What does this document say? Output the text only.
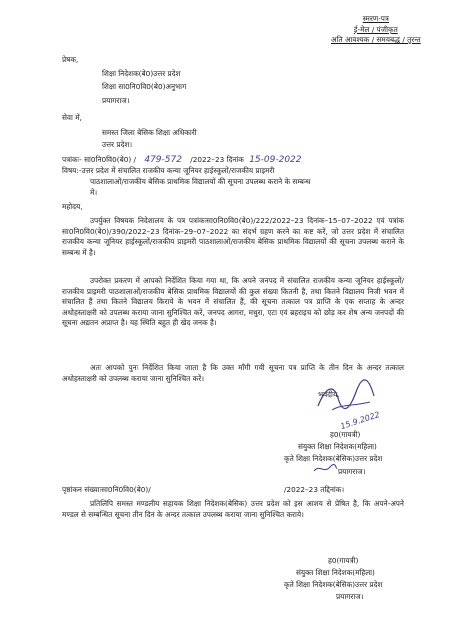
स्मरण-पत्र
ई-मेल / पंजीकृत
अति आवश्यक / समयबद्ध / तुरन्त
प्रेषक,
शिक्षा निदेशक(बे0)उत्तर प्रदेश
शिक्षा सा0नि0वि0(बे0)अनुभाग
प्रयागराज।
सेवा में,
समस्त जिला बेसिक शिक्षा अधिकारी
उत्तर प्रदेश।
पत्रांकः- सा0नि0वि0(बे0) / 479-572 /2022–23 दिनांक 15-09-2022
विषय:-उत्तर प्रदेश में संचालित राजकीय कन्या जूनियर हाईस्कूलों/राजकीय प्राइमरी
पाठशालाओं/राजकीय बेसिक प्राथमिक विद्यालयों की सूचना उपलब्ध कराने के सम्बन्ध
में।
महोदय,
उपर्युक्त विषयक निदेशालय के पत्र पत्रांकःसा0नि0वि0(बे0)/222/2022–23 दिनांक–15–07–2022 एवं पत्रांक सा0नि0वि0(बे0)/390/2022–23 दिनांक–29–07–2022 का संदर्भ ग्रहण करने का कष्ट करें, जो उत्तर प्रदेश में संचालित राजकीय कन्या जूनियर हाईस्कूलों/राजकीय प्राइमरी पाठशालाओं/राजकीय बेसिक प्राथमिक विद्यालयों की सूचना उपलब्ध कराने के सम्बन्ध में है।
उपरोक्त प्रकरण में आपको निर्देशित किया गया था, कि अपने जनपद में संचालित राजकीय कन्या जूनियर हाईस्कूलों/राजकीय प्राइमरी पाठशालाओं/राजकीय बेसिक प्राथमिक विद्यालयों की कुल संख्या कितनी है, तथा कितने विद्यालय निजी भवन में संचालित हैं तथा कितने विद्यालय किराये के भवन में संचालित हैं, की सूचना तत्काल पत्र प्राप्ति के एक सप्ताह के अन्दर अधोहस्ताक्षरी को उपलब्ध कराया जाना सुनिश्चित करें, जनपद आगरा, मथुरा, एटा एवं ब्रहराइच को छोड़ कर शेष अन्य जनपदों की सूचना अद्यतन अप्राप्त है। यह स्थिति बहुत ही खेद जनक है।
अतः आपको पुनः निर्देशित किया जाता है कि उक्त माँगी गयी सूचना पत्र प्राप्ति के तीन दिन के अन्दर तत्काल अधोहस्ताक्षरी को उपलब्ध कराया जाना सुनिश्चित करें।
भवदीय,
15.9.2022
ह0(गायत्री)
संयुक्त शिक्षा निदेशक(महिला)
कृते शिक्षा निदेशक(बेसिक)उत्तर प्रदेश
प्रयागराज।
पृष्ठांकन संख्याःसा0नि0वि0(बे0)/	/2022–23 तद्दिनांक।
प्रतिलिपि समस्त मण्डलीय सहायक शिक्षा निदेशक(बेसिक) उत्तर प्रदेश को इस आशय से प्रेषित है, कि अपने-अपने मण्डल से सम्बन्धित सूचना तीन दिन के अन्दर तत्काल उपलब्ध कराया जाना सुनिश्चित कराये।
ह0(गायत्री)
संयुक्त शिक्षा निदेशक(महिला)
कृते शिक्षा निदेशक(बेसिक)उत्तर प्रदेश
प्रयागराज।
